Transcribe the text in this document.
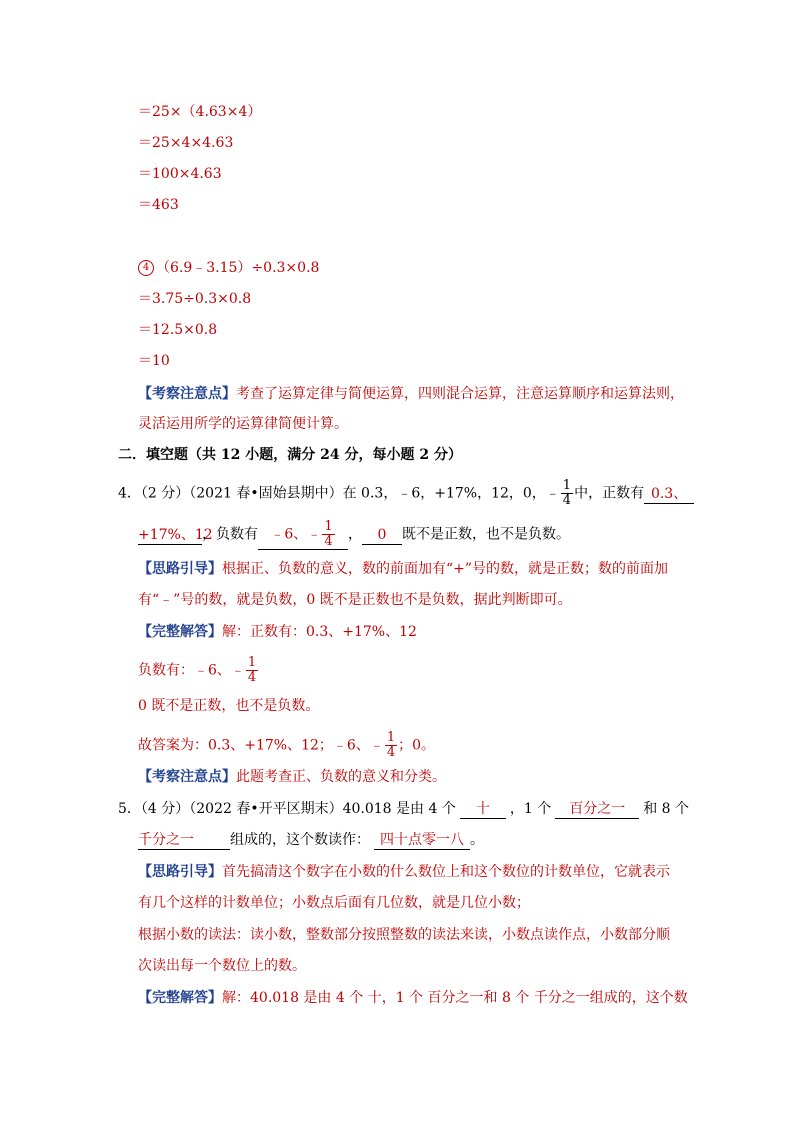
＝25×（4.63×4）
＝25×4×4.63
＝100×4.63
＝463
4 （6.9﹣3.15）÷0.3×0.8
＝3.75÷0.3×0.8
＝12.5×0.8
＝10
【考察注意点】考查了运算定律与简便运算，四则混合运算，注意运算顺序和运算法则，
灵活运用所学的运算律简便计算。
二．填空题（共 12 小题，满分 24 分，每小题 2 分）
4．（2 分）（2021 春•固始县期中）在 0.3，﹣6，+17%，12，0，﹣ $\frac{1}{4}$ 中，正数有 0.3、
+17%、12，负数有 ﹣6、﹣ $\frac{1}{4}$ ， 0 既不是正数，也不是负数。
【思路引导】根据正、负数的意义，数的前面加有“+”号的数，就是正数；数的前面加
有“﹣”号的数，就是负数，0 既不是正数也不是负数，据此判断即可。
【完整解答】解：正数有：0.3、+17%、12
负数有：﹣6、﹣ $\frac{1}{4}$
0 既不是正数，也不是负数。
故答案为：0.3、+17%、12；﹣6、﹣ $\frac{1}{4}$ ；0。
【考察注意点】此题考查正、负数的意义和分类。
5．（4 分）（2022 春•开平区期末）40.018 是由 4 个 十 ，1 个 百分之一 和 8 个
千分之一	组成的，这个数读作： 四十点零一八 。
【思路引导】首先搞清这个数字在小数的什么数位上和这个数位的计数单位，它就表示
有几个这样的计数单位；小数点后面有几位数，就是几位小数；
根据小数的读法：读小数，整数部分按照整数的读法来读，小数点读作点，小数部分顺
次读出每一个数位上的数。
【完整解答】解：40.018 是由 4 个 十，1 个 百分之一和 8 个 千分之一组成的，这个数
